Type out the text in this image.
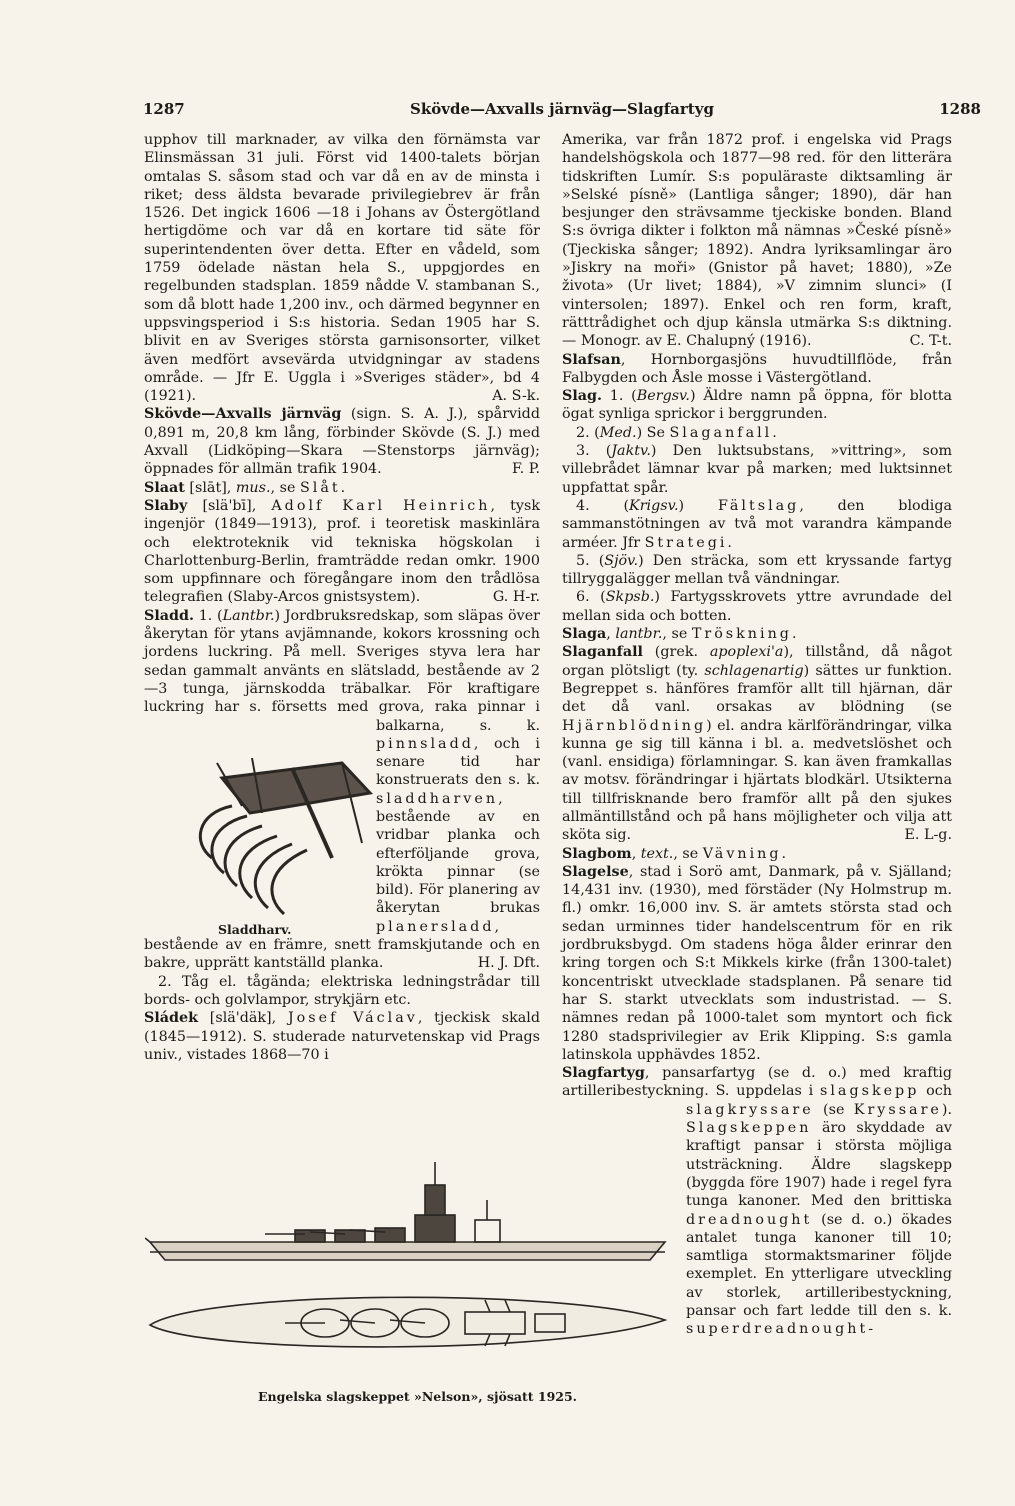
1287	Skövde—Axvalls järnväg—Slagfartyg	1288

upphov till marknader, av vilka den förnämsta var Elinsmässan 31 juli. Först vid 1400-talets början omtalas S. såsom stad och var då en av de minsta i riket; dess äldsta bevarade privilegiebrev är från 1526. Det ingick 1606 —18 i Johans av Östergötland hertigdöme och var då en kortare tid säte för superintendenten över detta. Efter en vådeld, som 1759 ödelade nästan hela S., uppgjordes en regelbunden stadsplan. 1859 nådde V. stambanan S., som då blott hade 1,200 inv., och därmed begynner en uppsvingsperiod i S:s historia. Sedan 1905 har S. blivit en av Sveriges största garnisonsorter, vilket även medfört avsevärda utvidgningar av stadens område. — Jfr E. Uggla i »Sveriges städer», bd 4 (1921).	A. S-k.

Skövde—Axvalls järnväg (sign. S. A. J.), spårvidd 0,891 m, 20,8 km lång, förbinder Skövde (S. J.) med Axvall (Lidköping—Skara —Stenstorps järnväg); öppnades för allmän trafik 1904.	F. P.

Slaat [slāt], mus., se Slåt.

Slaby [slä'bī], Adolf Karl Heinrich, tysk ingenjör (1849—1913), prof. i teoretisk maskinlära och elektroteknik vid tekniska högskolan i Charlottenburg-Berlin, framträdde redan omkr. 1900 som uppfinnare och föregångare inom den trådlösa telegrafien (Slaby-Arcos gnistsystem).	G. H-r.

Sladd. 1. (Lantbr.) Jordbruksredskap, som släpas över åkerytan för ytans avjämnande, kokors krossning och jordens luckring. På mell. Sveriges styva lera har sedan gammalt använts en slätsladd, bestående av 2—3 tunga, järnskodda träbalkar. För kraftigare luckring har s. försetts med grova, raka pinnar i balkarna, s. k.
pinnsladd, och i senare tid har konstruerats den s. k. sladdharven, bestående av en vridbar planka och efterföljande grova, krökta pinnar (se bild). För planering av åkerytan brukas planersladd, bestående av en främre, snett framskjutande och en bakre, upprätt kantställd planka.	H. J. Dft.

2. Tåg el. tågända; elektriska ledningstrådar till bords- och golvlampor, strykjärn etc.

Sládek [slä'däk], Josef Václav, tjeckisk skald (1845—1912). S. studerade naturvetenskap vid Prags univ., vistades 1868—70 i

Sladdharv.

Amerika, var från 1872 prof. i engelska vid Prags handelshögskola och 1877—98 red. för den litterära tidskriften Lumír. S:s populäraste diktsamling är »Selské písně» (Lantliga sånger; 1890), där han besjunger den strävsamme tjeckiske bonden. Bland S:s övriga dikter i folkton må nämnas »České písně» (Tjeckiska sånger; 1892). Andra lyriksamlingar äro »Jiskry na moři» (Gnistor på havet; 1880), »Ze života» (Ur livet; 1884), »V zimnim slunci» (I vintersolen; 1897). Enkel och ren form, kraft, rätttrådighet och djup känsla utmärka S:s diktning. — Monogr. av E. Chalupný (1916).	C. T-t.

Slafsan, Hornborgasjöns huvudtillflöde, från Falbygden och Åsle mosse i Västergötland.

Slag. 1. (Bergsv.) Äldre namn på öppna, för blotta ögat synliga sprickor i berggrunden.

2. (Med.) Se Slaganfall.

3. (Jaktv.) Den luktsubstans, »vittring», som villebrådet lämnar kvar på marken; med luktsinnet uppfattat spår.

4. (Krigsv.) Fältslag, den blodiga sammanstötningen av två mot varandra kämpande arméer. Jfr Strategi.

5. (Sjöv.) Den sträcka, som ett kryssande fartyg tillryggalägger mellan två vändningar.

6. (Skpsb.) Fartygsskrovets yttre avrundade del mellan sida och botten.

Slaga, lantbr., se Tröskning.

Slaganfall (grek. apoplexi'a), tillstånd, då något organ plötsligt (ty. schlagenartig) sättes ur funktion. Begreppet s. hänföres framför allt till hjärnan, där det då vanl. orsakas av blödning (se Hjärnblödning) el. andra kärlförändringar, vilka kunna ge sig till känna i bl. a. medvetslöshet och (vanl. ensidiga) förlamningar. S. kan även framkallas av motsv. förändringar i hjärtats blodkärl. Utsikterna till tillfrisknande bero framför allt på den sjukes allmäntillstånd och på hans möjligheter och vilja att sköta sig.	E. L-g.

Slagbom, text., se Vävning.

Slagelse, stad i Sorö amt, Danmark, på v. Själland; 14,431 inv. (1930), med förstäder (Ny Holmstrup m. fl.) omkr. 16,000 inv. S. är amtets största stad och sedan urminnes tider handelscentrum för en rik jordbruksbygd. Om stadens höga ålder erinrar den kring torgen och S:t Mikkels kirke (från 1300-talet) koncentriskt utvecklade stadsplanen. På senare tid har S. starkt utvecklats som industristad. — S. nämnes redan på 1000-talet som myntort och fick 1280 stadsprivilegier av Erik Klipping. S:s gamla latinskola upphävdes 1852.

Slagfartyg, pansarfartyg (se d. o.) med kraftig artilleribestyckning. S. uppdelas i slagskepp och slagkryssare (se Kryssare).
Slagskeppen äro skyddade av kraftigt pansar i största möjliga utsträckning. Äldre slagskepp (byggda före 1907) hade i regel fyra tunga kanoner. Med den brittiska dreadnought (se d. o.) ökades antalet tunga kanoner till 10; samtliga stormaktsmariner följde exemplet. En ytterligare utveckling av storlek, artilleribestyckning, pansar och fart ledde till den s. k. superdreadnought-

Engelska slagskeppet »Nelson», sjösatt 1925.
